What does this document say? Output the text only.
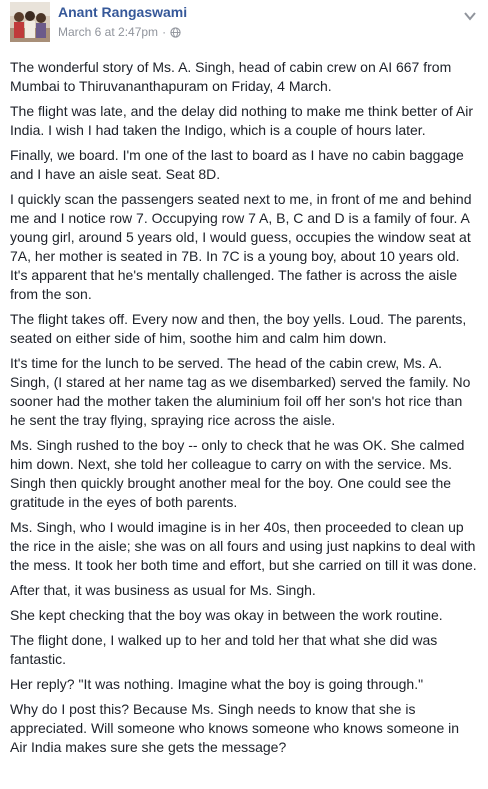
Anant Rangaswami
March 6 at 2:47pm ·

The wonderful story of Ms. A. Singh, head of cabin crew on AI 667 from Mumbai to Thiruvananthapuram on Friday, 4 March.

The flight was late, and the delay did nothing to make me think better of Air India. I wish I had taken the Indigo, which is a couple of hours later.

Finally, we board. I'm one of the last to board as I have no cabin baggage and I have an aisle seat. Seat 8D.

I quickly scan the passengers seated next to me, in front of me and behind me and I notice row 7. Occupying row 7 A, B, C and D is a family of four. A young girl, around 5 years old, I would guess, occupies the window seat at 7A, her mother is seated in 7B. In 7C is a young boy, about 10 years old. It's apparent that he's mentally challenged. The father is across the aisle from the son.

The flight takes off. Every now and then, the boy yells. Loud. The parents, seated on either side of him, soothe him and calm him down.

It's time for the lunch to be served. The head of the cabin crew, Ms. A. Singh, (I stared at her name tag as we disembarked) served the family. No sooner had the mother taken the aluminium foil off her son's hot rice than he sent the tray flying, spraying rice across the aisle.

Ms. Singh rushed to the boy -- only to check that he was OK. She calmed him down. Next, she told her colleague to carry on with the service. Ms. Singh then quickly brought another meal for the boy. One could see the gratitude in the eyes of both parents.

Ms. Singh, who I would imagine is in her 40s, then proceeded to clean up the rice in the aisle; she was on all fours and using just napkins to deal with the mess. It took her both time and effort, but she carried on till it was done.

After that, it was business as usual for Ms. Singh.

She kept checking that the boy was okay in between the work routine.

The flight done, I walked up to her and told her that what she did was fantastic.

Her reply? "It was nothing. Imagine what the boy is going through."

Why do I post this? Because Ms. Singh needs to know that she is appreciated. Will someone who knows someone who knows someone in Air India makes sure she gets the message?
